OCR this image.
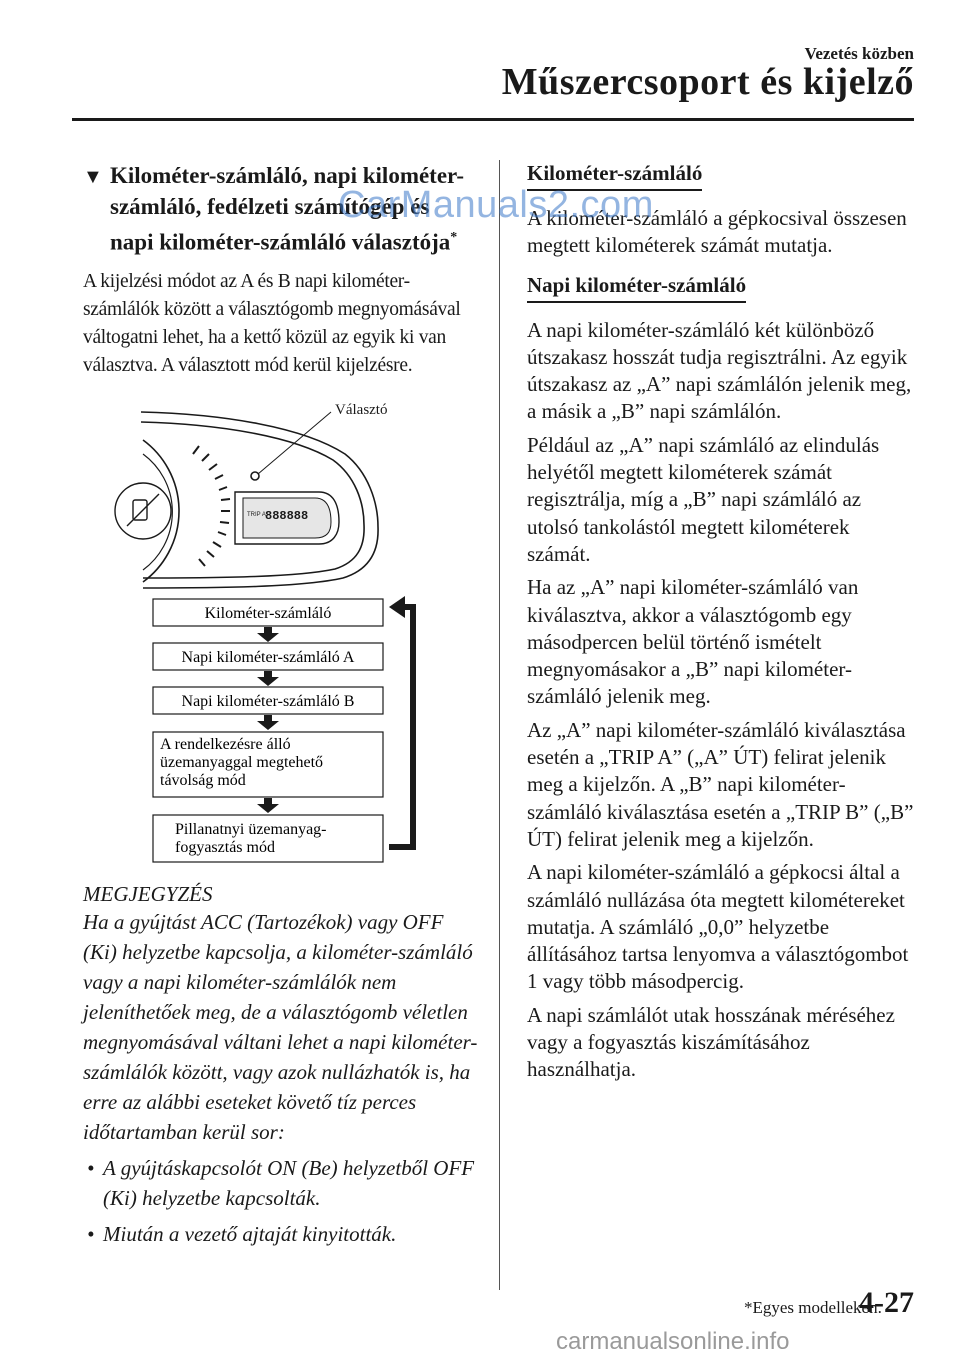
Vezetés közben
Műszercsoport és kijelző
▼ Kilométer-számláló, napi kilométer-számláló, fedélzeti számítógép és napi kilométer-számláló választója*
A kijelzési módot az A és B napi kilométer-számlálók között a választógomb megnyomásával váltogatni lehet, ha a kettő közül az egyik ki van választva. A választott mód kerül kijelzésre.
TRIP A 888888
Választó
Kilométer-számláló
Napi kilométer-számláló A
Napi kilométer-számláló B
A rendelkezésre álló
üzemanyaggal megtehető
távolság mód
Pillanatnyi üzemanyag-
fogyasztás mód
MEGJEGYZÉS
Ha a gyújtást ACC (Tartozékok) vagy OFF (Ki) helyzetbe kapcsolja, a kilométer-számláló vagy a napi kilométer-számlálók nem jeleníthetőek meg, de a választógomb véletlen megnyomásával váltani lehet a napi kilométer-számlálók között, vagy azok nullázhatók is, ha erre az alábbi eseteket követő tíz perces időtartamban kerül sor:
• A gyújtáskapcsolót ON (Be) helyzetből OFF (Ki) helyzetbe kapcsolták.
• Miután a vezető ajtaját kinyitották.
Kilométer-számláló
A kilométer-számláló a gépkocsival összesen megtett kilométerek számát mutatja.
Napi kilométer-számláló
A napi kilométer-számláló két különböző útszakasz hosszát tudja regisztrálni. Az egyik útszakasz az „A” napi számlálón jelenik meg, a másik a „B” napi számlálón.
Például az „A” napi számláló az elindulás helyétől megtett kilométerek számát regisztrálja, míg a „B” napi számláló az utolsó tankolástól megtett kilométerek számát.
Ha az „A” napi kilométer-számláló van kiválasztva, akkor a választógomb egy másodpercen belül történő ismételt megnyomásakor a „B” napi kilométer-számláló jelenik meg.
Az „A” napi kilométer-számláló kiválasztása esetén a „TRIP A” („A” ÚT) felirat jelenik meg a kijelzőn. A „B” napi kilométer-számláló kiválasztása esetén a „TRIP B” („B” ÚT) felirat jelenik meg a kijelzőn.
A napi kilométer-számláló a gépkocsi által a számláló nullázása óta megtett kilométereket mutatja. A számláló „0,0” helyzetbe állításához tartsa lenyomva a választógombot 1 vagy több másodpercig.
A napi számlálót utak hosszának méréséhez vagy a fogyasztás kiszámításához használhatja.
CarManuals2.com
*Egyes modelleken.
4-27
carmanualsonline.info
